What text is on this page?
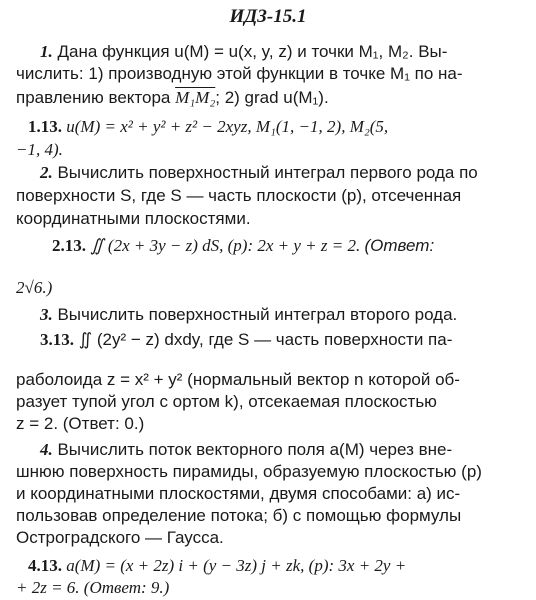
ИДЗ-15.1
1. Дана функция u(M) = u(x, y, z) и точки M₁, M₂. Вы-
числить: 1) производную этой функции в точке M₁ по на-
правлению вектора M₁M₂; 2) grad u(M₁).
1.13. u(M) = x² + y² + z² − 2xyz, M₁(1, −1, 2), M₂(5,
−1, 4).
2. Вычислить поверхностный интеграл первого рода по
поверхности S, где S — часть плоскости (p), отсеченная
координатными плоскостями.
2.13. ∬ (2x + 3y − z) dS, (p): 2x + y + z = 2. (Ответ:
2√6.)
3. Вычислить поверхностный интеграл второго рода.
3.13. ∬ (2y² − z) dxdy, где S — часть поверхности па-
раболоида z = x² + y² (нормальный вектор n которой об-
разует тупой угол с ортом k), отсекаемая плоскостью
z = 2. (Ответ: 0.)
4. Вычислить поток векторного поля a(M) через вне-
шнюю поверхность пирамиды, образуемую плоскостью (p)
и координатными плоскостями, двумя способами: а) ис-
пользовав определение потока; б) с помощью формулы
Остроградского — Гаусса.
4.13. a(M) = (x + 2z) i + (y − 3z) j + zk, (p): 3x + 2y +
+ 2z = 6. (Ответ: 9.)
